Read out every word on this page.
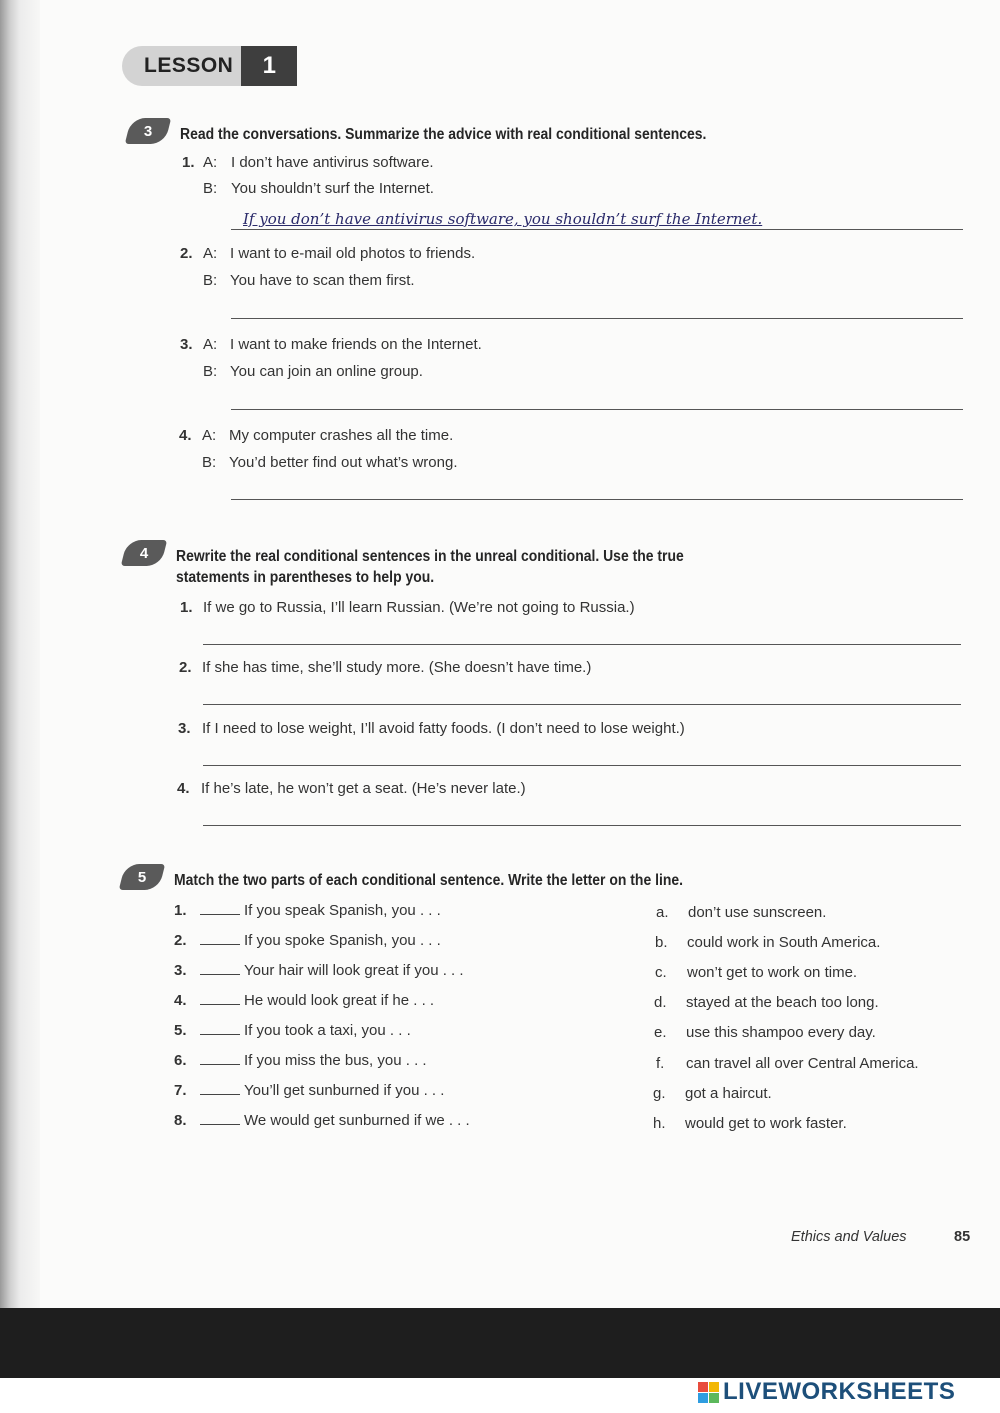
LESSON	1
3 Read the conversations. Summarize the advice with real conditional sentences.
1. A: I don’t have antivirus software.
B: You shouldn’t surf the Internet.
If you don’t have antivirus software, you shouldn’t surf the Internet.
2. A: I want to e-mail old photos to friends.
B: You have to scan them first.
3. A: I want to make friends on the Internet.
B: You can join an online group.
4. A: My computer crashes all the time.
B: You’d better find out what’s wrong.
4 Rewrite the real conditional sentences in the unreal conditional. Use the true
statements in parentheses to help you.
1. If we go to Russia, I’ll learn Russian. (We’re not going to Russia.)
2. If she has time, she’ll study more. (She doesn’t have time.)
3. If I need to lose weight, I’ll avoid fatty foods. (I don’t need to lose weight.)
4. If he’s late, he won’t get a seat. (He’s never late.)
5 Match the two parts of each conditional sentence. Write the letter on the line.
1.	If you speak Spanish, you . . .
2.	If you spoke Spanish, you . . .
3.	Your hair will look great if you . . .
4.	He would look great if he . . .
5.	If you took a taxi, you . . .
6.	If you miss the bus, you . . .
7.	You’ll get sunburned if you . . .
8.	We would get sunburned if we . . .
a. don’t use sunscreen.
b. could work in South America.
c. won’t get to work on time.
d. stayed at the beach too long.
e. use this shampoo every day.
f. can travel all over Central America.
g. got a haircut.
h. would get to work faster.
Ethics and Values	85
LIVEWORKSHEETS
